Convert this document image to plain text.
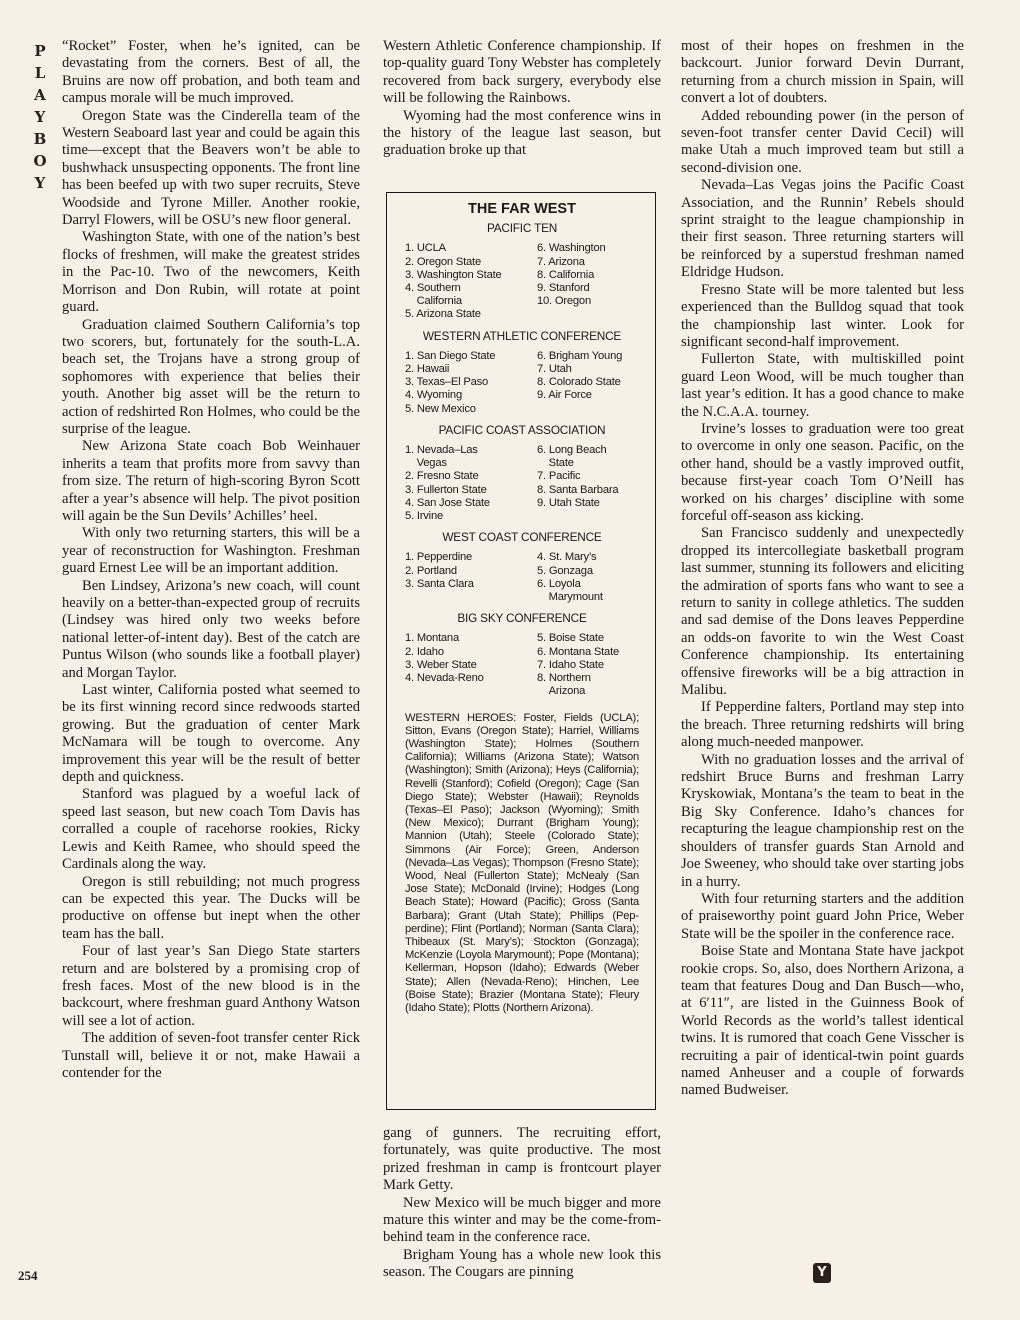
P
L
A
Y
B
O
Y

“Rocket” Foster, when he’s ignited, can be devastating from the corners. Best of all, the Bruins are now off probation, and both team and campus morale will be much improved.

Oregon State was the Cinderella team of the Western Seaboard last year and could be again this time—except that the Beavers won’t be able to bushwhack unsuspecting opponents. The front line has been beefed up with two super recruits, Steve Woodside and Tyrone Miller. Another rookie, Darryl Flowers, will be OSU’s new floor general.

Washington State, with one of the nation’s best flocks of freshmen, will make the greatest strides in the Pac-10. Two of the newcomers, Keith Morrison and Don Rubin, will rotate at point guard.

Graduation claimed Southern California’s top two scorers, but, fortunately for the south-L.A. beach set, the Trojans have a strong group of sophomores with experience that belies their youth. Another big asset will be the return to action of redshirted Ron Holmes, who could be the surprise of the league.

New Arizona State coach Bob Weinhauer inherits a team that profits more from savvy than from size. The return of high-scoring Byron Scott after a year’s absence will help. The pivot position will again be the Sun Devils’ Achilles’ heel.

With only two returning starters, this will be a year of reconstruction for Washington. Freshman guard Ernest Lee will be an important addition.

Ben Lindsey, Arizona’s new coach, will count heavily on a better-than-expected group of recruits (Lindsey was hired only two weeks before national letter-of-intent day). Best of the catch are Puntus Wilson (who sounds like a football player) and Morgan Taylor.

Last winter, California posted what seemed to be its first winning record since redwoods started growing. But the graduation of center Mark McNamara will be tough to overcome. Any improvement this year will be the result of better depth and quickness.

Stanford was plagued by a woeful lack of speed last season, but new coach Tom Davis has corralled a couple of racehorse rookies, Ricky Lewis and Keith Ramee, who should speed the Cardinals along the way.

Oregon is still rebuilding; not much progress can be expected this year. The Ducks will be productive on offense but inept when the other team has the ball.

Four of last year’s San Diego State starters return and are bolstered by a promising crop of fresh faces. Most of the new blood is in the backcourt, where freshman guard Anthony Watson will see a lot of action.

The addition of seven-foot transfer center Rick Tunstall will, believe it or not, make Hawaii a contender for the

Western Athletic Conference championship. If top-quality guard Tony Webster has completely recovered from back surgery, everybody else will be following the Rainbows.

Wyoming had the most conference wins in the history of the league last season, but graduation broke up that

THE FAR WEST
PACIFIC TEN
1. UCLA
2. Oregon State
3. Washington State
4. Southern
California
5. Arizona State
6. Washington
7. Arizona
8. California
9. Stanford
10. Oregon
WESTERN ATHLETIC CONFERENCE
1. San Diego State
2. Hawaii
3. Texas–El Paso
4. Wyoming
5. New Mexico
6. Brigham Young
7. Utah
8. Colorado State
9. Air Force
PACIFIC COAST ASSOCIATION
1. Nevada–Las
Vegas
2. Fresno State
3. Fullerton State
4. San Jose State
5. Irvine
6. Long Beach
State
7. Pacific
8. Santa Barbara
9. Utah State
WEST COAST CONFERENCE
1. Pepperdine
2. Portland
3. Santa Clara
4. St. Mary’s
5. Gonzaga
6. Loyola
Marymount
BIG SKY CONFERENCE
1. Montana
2. Idaho
3. Weber State
4. Nevada-Reno
5. Boise State
6. Montana State
7. Idaho State
8. Northern
Arizona
WESTERN HEROES: Foster, Fields (UCLA); Sitton, Evans (Oregon State); Harriel, Williams (Washington State); Holmes (Southern California); Williams (Arizona State); Watson (Washington); Smith (Arizona); Heys (California); Revelli (Stanford); Cofield (Oregon); Cage (San Diego State); Webster (Hawaii); Reynolds (Texas–El Paso); Jackson (Wyoming); Smith (New Mexico); Durrant (Brigham Young); Mannion (Utah); Steele (Colorado State); Simmons (Air Force); Green, Anderson (Nevada–Las Vegas); Thompson (Fresno State); Wood, Neal (Fullerton State); McNealy (San Jose State); McDonald (Irvine); Hodges (Long Beach State); Howard (Pacific); Gross (Santa Barbara); Grant (Utah State); Phillips (Pepperdine); Flint (Portland); Norman (Santa Clara); Thibeaux (St. Mary’s); Stockton (Gonzaga); McKenzie (Loyola Marymount); Pope (Montana); Kellerman, Hopson (Idaho); Edwards (Weber State); Allen (Nevada-Reno); Hinchen, Lee (Boise State); Brazier (Montana State); Fleury (Idaho State); Plotts (Northern Arizona).

gang of gunners. The recruiting effort, fortunately, was quite productive. The most prized freshman in camp is frontcourt player Mark Getty.

New Mexico will be much bigger and more mature this winter and may be the come-from-behind team in the conference race.

Brigham Young has a whole new look this season. The Cougars are pinning

most of their hopes on freshmen in the backcourt. Junior forward Devin Durrant, returning from a church mission in Spain, will convert a lot of doubters.

Added rebounding power (in the person of seven-foot transfer center David Cecil) will make Utah a much improved team but still a second-division one.

Nevada–Las Vegas joins the Pacific Coast Association, and the Runnin’ Rebels should sprint straight to the league championship in their first season. Three returning starters will be reinforced by a superstud freshman named Eldridge Hudson.

Fresno State will be more talented but less experienced than the Bulldog squad that took the championship last winter. Look for significant second-half improvement.

Fullerton State, with multiskilled point guard Leon Wood, will be much tougher than last year’s edition. It has a good chance to make the N.C.A.A. tourney.

Irvine’s losses to graduation were too great to overcome in only one season. Pacific, on the other hand, should be a vastly improved outfit, because first-year coach Tom O’Neill has worked on his charges’ discipline with some forceful off-season ass kicking.

San Francisco suddenly and unexpectedly dropped its intercollegiate basketball program last summer, stunning its followers and eliciting the admiration of sports fans who want to see a return to sanity in college athletics. The sudden and sad demise of the Dons leaves Pepperdine an odds-on favorite to win the West Coast Conference championship. Its entertaining offensive fireworks will be a big attraction in Malibu.

If Pepperdine falters, Portland may step into the breach. Three returning redshirts will bring along much-needed manpower.

With no graduation losses and the arrival of redshirt Bruce Burns and freshman Larry Kryskowiak, Montana’s the team to beat in the Big Sky Conference. Idaho’s chances for recapturing the league championship rest on the shoulders of transfer guards Stan Arnold and Joe Sweeney, who should take over starting jobs in a hurry.

With four returning starters and the addition of praiseworthy point guard John Price, Weber State will be the spoiler in the conference race.

Boise State and Montana State have jackpot rookie crops. So, also, does Northern Arizona, a team that features Doug and Dan Busch—who, at 6′11″, are listed in the Guinness Book of World Records as the world’s tallest identical twins. It is rumored that coach Gene Visscher is recruiting a pair of identical-twin point guards named Anheuser and a couple of forwards named Budweiser.

254	Y
